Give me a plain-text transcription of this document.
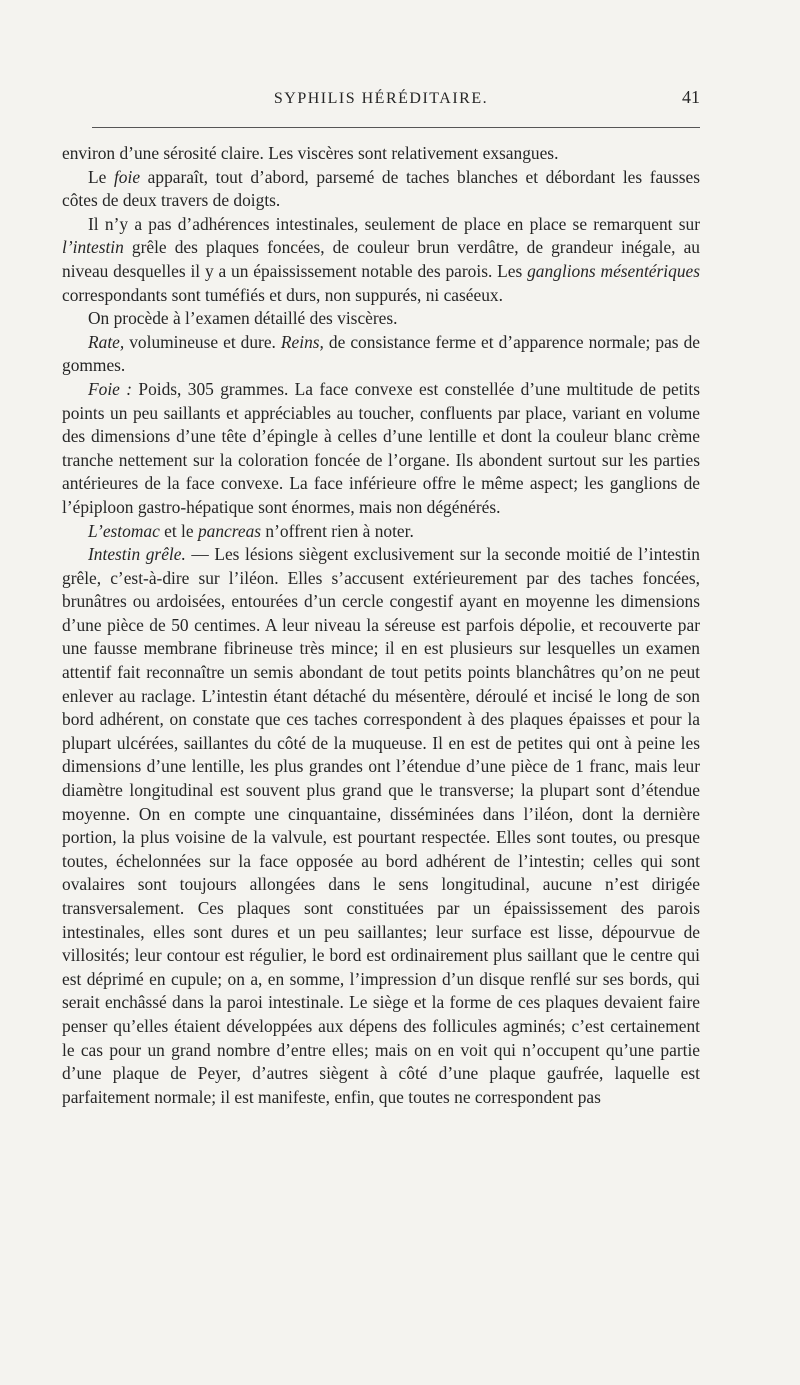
SYPHILIS HÉRÉDITAIRE.	41

environ d’une sérosité claire. Les viscères sont relativement exsangues.

Le foie apparaît, tout d’abord, parsemé de taches blanches et débordant les fausses côtes de deux travers de doigts.

Il n’y a pas d’adhérences intestinales, seulement de place en place se remarquent sur l’intestin grêle des plaques foncées, de couleur brun verdâtre, de grandeur inégale, au niveau desquelles il y a un épaississement notable des parois. Les ganglions mésentériques correspondants sont tuméfiés et durs, non suppurés, ni caséeux.

On procède à l’examen détaillé des viscères.

Rate, volumineuse et dure. Reins, de consistance ferme et d’apparence normale; pas de gommes.

Foie : Poids, 305 grammes. La face convexe est constellée d’une multitude de petits points un peu saillants et appréciables au toucher, confluents par place, variant en volume des dimensions d’une tête d’épingle à celles d’une lentille et dont la couleur blanc crème tranche nettement sur la coloration foncée de l’organe. Ils abondent surtout sur les parties antérieures de la face convexe. La face inférieure offre le même aspect; les ganglions de l’épiploon gastro-hépatique sont énormes, mais non dégénérés.

L’estomac et le pancreas n’offrent rien à noter.

Intestin grêle. — Les lésions siègent exclusivement sur la seconde moitié de l’intestin grêle, c’est-à-dire sur l’iléon. Elles s’accusent extérieurement par des taches foncées, brunâtres ou ardoisées, entourées d’un cercle congestif ayant en moyenne les dimensions d’une pièce de 50 centimes. A leur niveau la séreuse est parfois dépolie, et recouverte par une fausse membrane fibrineuse très mince; il en est plusieurs sur lesquelles un examen attentif fait reconnaître un semis abondant de tout petits points blanchâtres qu’on ne peut enlever au raclage. L’intestin étant détaché du mésentère, déroulé et incisé le long de son bord adhérent, on constate que ces taches correspondent à des plaques épaisses et pour la plupart ulcérées, saillantes du côté de la muqueuse. Il en est de petites qui ont à peine les dimensions d’une lentille, les plus grandes ont l’étendue d’une pièce de 1 franc, mais leur diamètre longitudinal est souvent plus grand que le transverse; la plupart sont d’étendue moyenne. On en compte une cinquantaine, disséminées dans l’iléon, dont la dernière portion, la plus voisine de la valvule, est pourtant respectée. Elles sont toutes, ou presque toutes, échelonnées sur la face opposée au bord adhérent de l’intestin; celles qui sont ovalaires sont toujours allongées dans le sens longitudinal, aucune n’est dirigée transversalement. Ces plaques sont constituées par un épaississement des parois intestinales, elles sont dures et un peu saillantes; leur surface est lisse, dépourvue de villosités; leur contour est régulier, le bord est ordinairement plus saillant que le centre qui est déprimé en cupule; on a, en somme, l’impression d’un disque renflé sur ses bords, qui serait enchâssé dans la paroi intestinale. Le siège et la forme de ces plaques devaient faire penser qu’elles étaient développées aux dépens des follicules agminés; c’est certainement le cas pour un grand nombre d’entre elles; mais on en voit qui n’occupent qu’une partie d’une plaque de Peyer, d’autres siègent à côté d’une plaque gaufrée, laquelle est parfaitement normale; il est manifeste, enfin, que toutes ne correspondent pas
